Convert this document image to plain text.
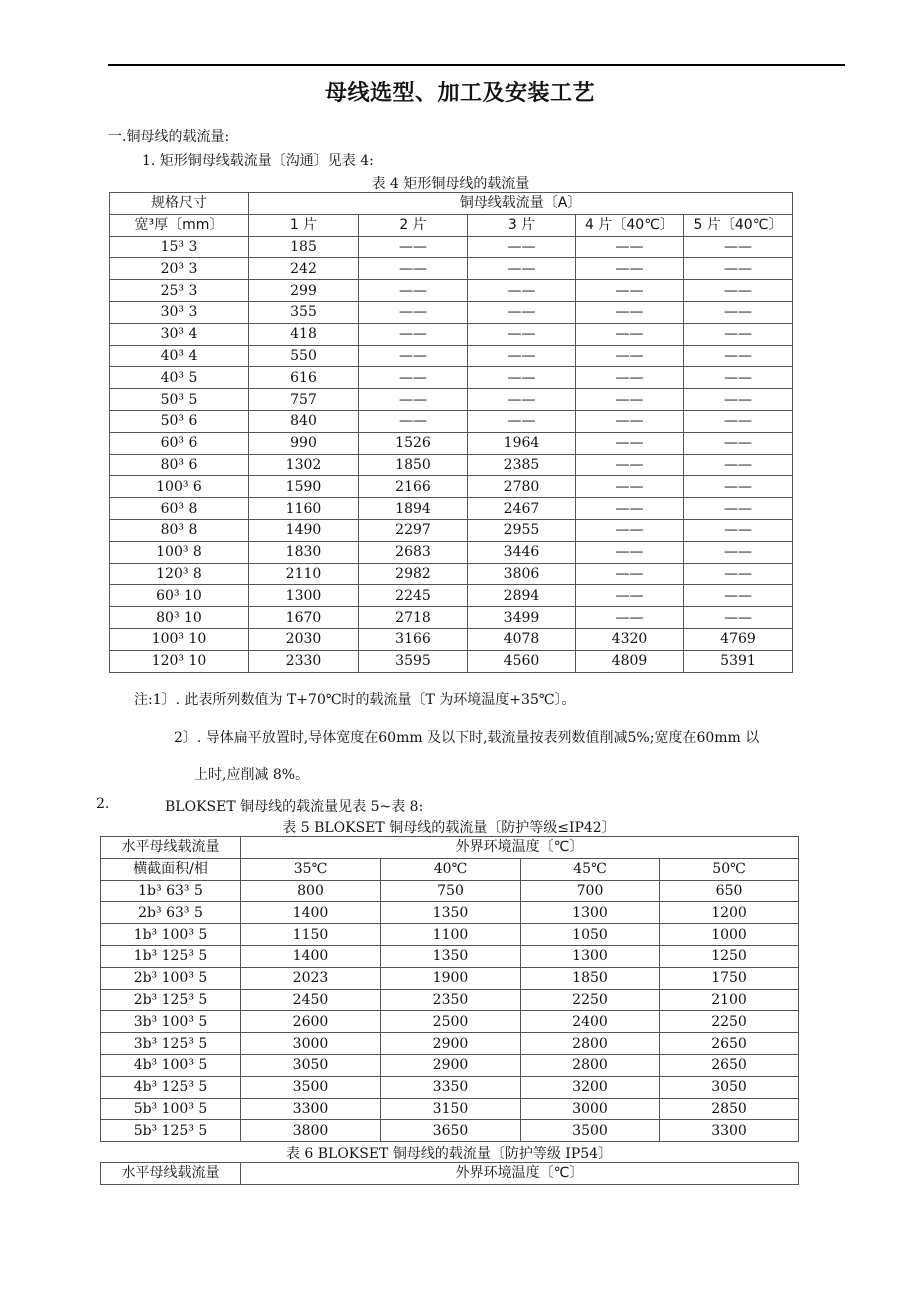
母线选型、加工及安装工艺
一.铜母线的载流量:
1. 矩形铜母线载流量〔沟通〕见表 4:
表 4 矩形铜母线的载流量
规格尺寸	铜母线载流量〔A〕				
宽³厚〔mm〕	1 片	2 片	3 片	4 片〔40℃〕	5 片〔40℃〕
15³ 3	185	——	——	——	——
20³ 3	242	——	——	——	——
25³ 3	299	——	——	——	——
30³ 3	355	——	——	——	——
30³ 4	418	——	——	——	——
40³ 4	550	——	——	——	——
40³ 5	616	——	——	——	——
50³ 5	757	——	——	——	——
50³ 6	840	——	——	——	——
60³ 6	990	1526	1964	——	——
80³ 6	1302	1850	2385	——	——
100³ 6	1590	2166	2780	——	——
60³ 8	1160	1894	2467	——	——
80³ 8	1490	2297	2955	——	——
100³ 8	1830	2683	3446	——	——
120³ 8	2110	2982	3806	——	——
60³ 10	1300	2245	2894	——	——
80³ 10	1670	2718	3499	——	——
100³ 10	2030	3166	4078	4320	4769
120³ 10	2330	3595	4560	4809	5391
注:1〕. 此表所列数值为 T+70℃时的载流量〔T 为环境温度+35℃〕。
2〕. 导体扁平放置时,导体宽度在60mm 及以下时,载流量按表列数值削减5%;宽度在60mm 以
上时,应削减 8%。
2.	BLOKSET 铜母线的载流量见表 5~表 8:
表 5 BLOKSET 铜母线的载流量〔防护等级≤IP42〕
水平母线载流量	外界环境温度〔℃〕			
横截面积/相	35℃	40℃	45℃	50℃
1b³ 63³ 5	800	750	700	650
2b³ 63³ 5	1400	1350	1300	1200
1b³ 100³ 5	1150	1100	1050	1000
1b³ 125³ 5	1400	1350	1300	1250
2b³ 100³ 5	2023	1900	1850	1750
2b³ 125³ 5	2450	2350	2250	2100
3b³ 100³ 5	2600	2500	2400	2250
3b³ 125³ 5	3000	2900	2800	2650
4b³ 100³ 5	3050	2900	2800	2650
4b³ 125³ 5	3500	3350	3200	3050
5b³ 100³ 5	3300	3150	3000	2850
5b³ 125³ 5	3800	3650	3500	3300
表 6 BLOKSET 铜母线的载流量〔防护等级 IP54〕
水平母线载流量	外界环境温度〔℃〕
